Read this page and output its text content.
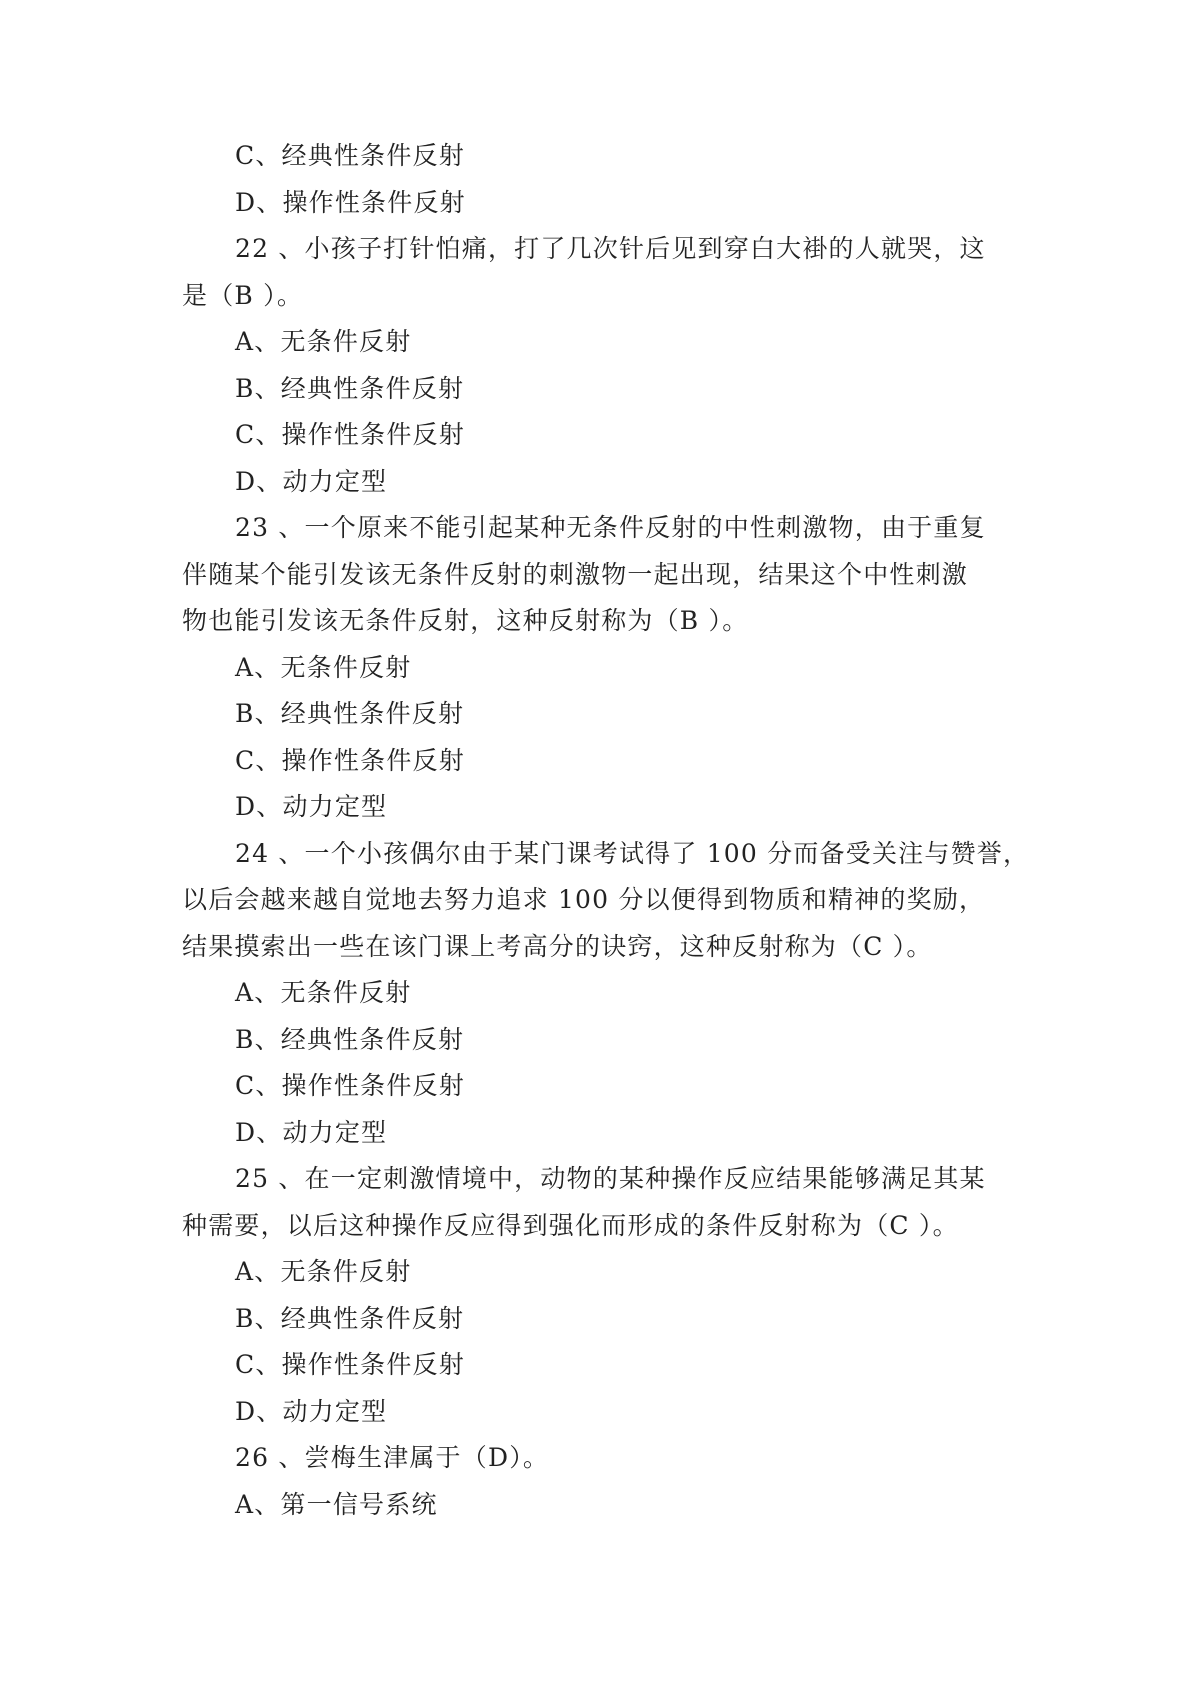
C、经典性条件反射
D、操作性条件反射
22 、小孩子打针怕痛，打了几次针后见到穿白大褂的人就哭，这
是（B ）。
A、无条件反射
B、经典性条件反射
C、操作性条件反射
D、动力定型
23 、一个原来不能引起某种无条件反射的中性刺激物，由于重复
伴随某个能引发该无条件反射的刺激物一起出现，结果这个中性刺激
物也能引发该无条件反射，这种反射称为（B ）。
A、无条件反射
B、经典性条件反射
C、操作性条件反射
D、动力定型
24 、一个小孩偶尔由于某门课考试得了 100 分而备受关注与赞誉，
以后会越来越自觉地去努力追求 100 分以便得到物质和精神的奖励，
结果摸索出一些在该门课上考高分的诀窍，这种反射称为（C ）。
A、无条件反射
B、经典性条件反射
C、操作性条件反射
D、动力定型
25 、在一定刺激情境中，动物的某种操作反应结果能够满足其某
种需要，以后这种操作反应得到强化而形成的条件反射称为（C ）。
A、无条件反射
B、经典性条件反射
C、操作性条件反射
D、动力定型
26 、尝梅生津属于（D）。
A、第一信号系统
